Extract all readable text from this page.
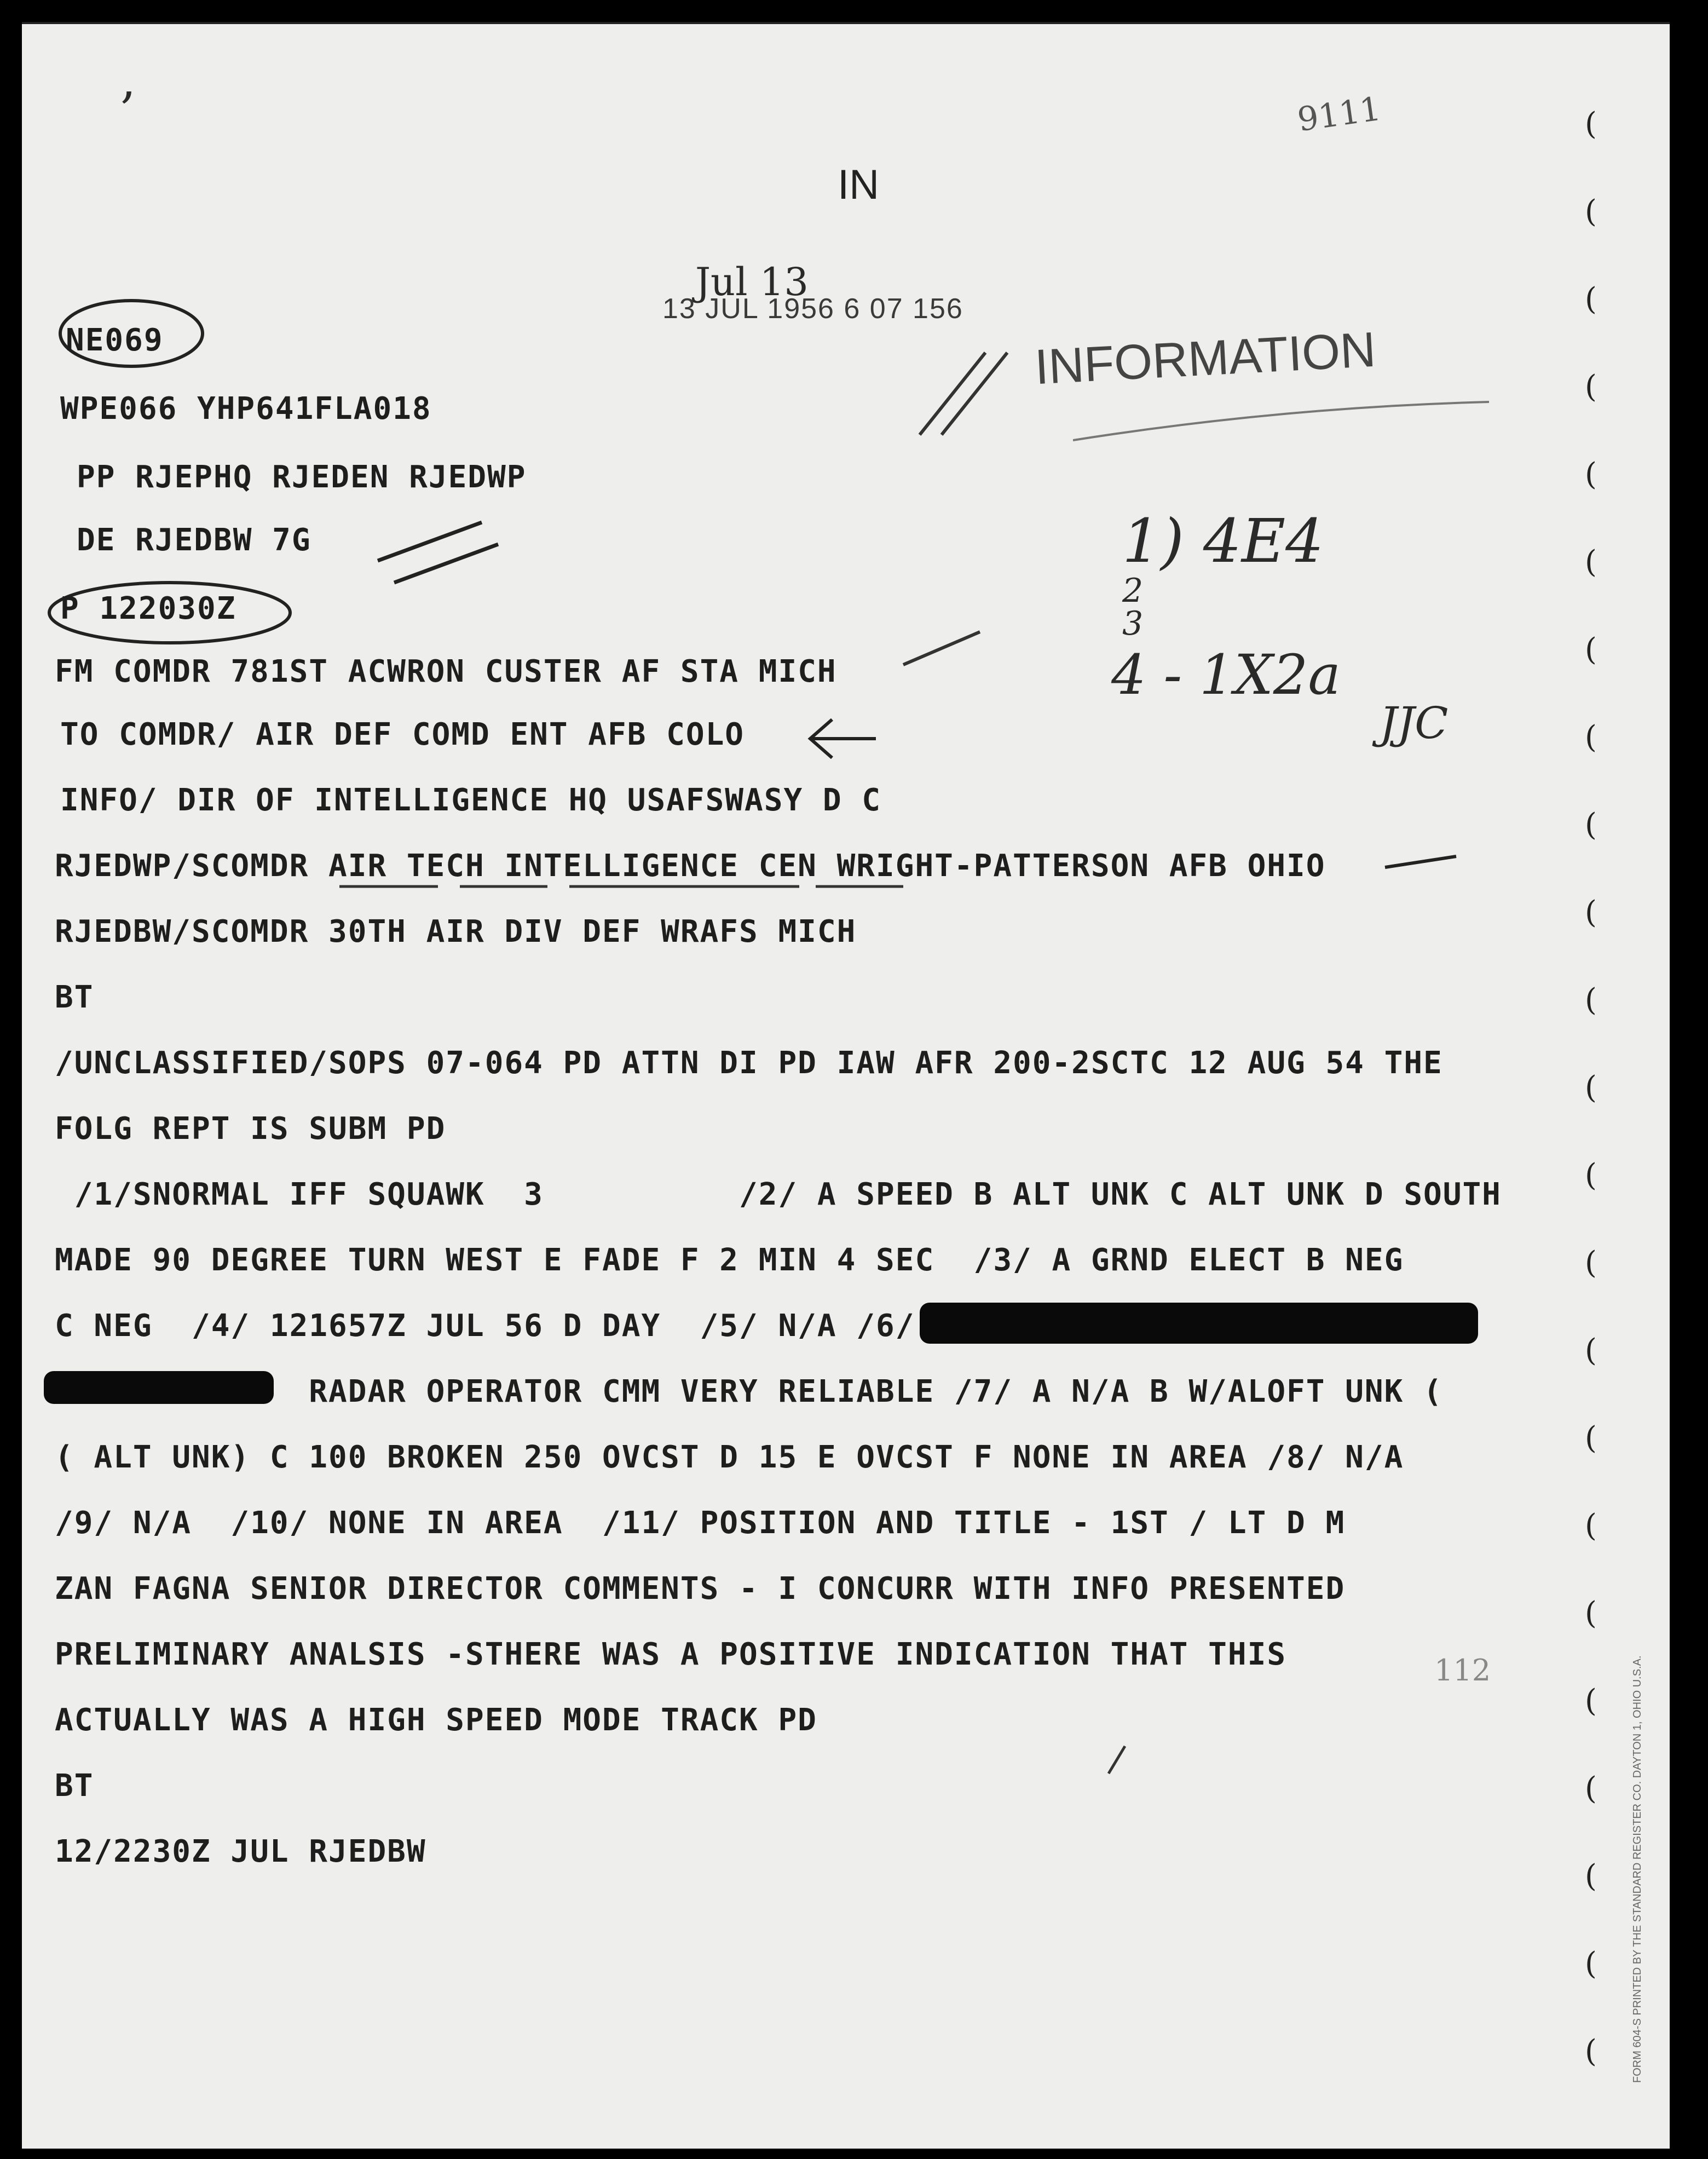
,
9111
IN
Jul 13
13 JUL 1956 6 07 156
INFORMATION
NE069
WPE066 YHP641FLA018
PP RJEPHQ RJEDEN RJEDWP
DE RJEDBW 7G
P 122030Z
1) 4E4
2
3
4 - 1X2a
JJC
FM COMDR 781ST ACWRON CUSTER AF STA MICH
TO COMDR/ AIR DEF COMD ENT AFB COLO
INFO/ DIR OF INTELLIGENCE HQ USAFSWASY D C
RJEDWP/SCOMDR AIR TECH INTELLIGENCE CEN WRIGHT-PATTERSON AFB OHIO
RJEDBW/SCOMDR 30TH AIR DIV DEF WRAFS MICH
BT
/UNCLASSIFIED/SOPS 07-064 PD ATTN DI PD IAW AFR 200-2SCTC 12 AUG 54 THE
FOLG REPT IS SUBM PD
/1/SNORMAL IFF SQUAWK  3          /2/ A SPEED B ALT UNK C ALT UNK D SOUTH
MADE 90 DEGREE TURN WEST E FADE F 2 MIN 4 SEC  /3/ A GRND ELECT B NEG
C NEG  /4/ 121657Z JUL 56 D DAY  /5/ N/A /6/
RADAR OPERATOR CMM VERY RELIABLE /7/ A N/A B W/ALOFT UNK (
( ALT UNK) C 100 BROKEN 250 OVCST D 15 E OVCST F NONE IN AREA /8/ N/A
/9/ N/A  /10/ NONE IN AREA  /11/ POSITION AND TITLE - 1ST / LT D M
ZAN FAGNA SENIOR DIRECTOR COMMENTS - I CONCURR WITH INFO PRESENTED
PRELIMINARY ANALSIS -STHERE WAS A POSITIVE INDICATION THAT THIS	112
ACTUALLY WAS A HIGH SPEED MODE TRACK PD
BT
12/2230Z JUL RJEDBW
(
(
(
(
(
(
(
(
(
(
(
(
(
(
(
(
(
(
(
(
(
(
(	FORM 604-S PRINTED BY THE STANDARD REGISTER CO. DAYTON 1, OHIO U.S.A.
